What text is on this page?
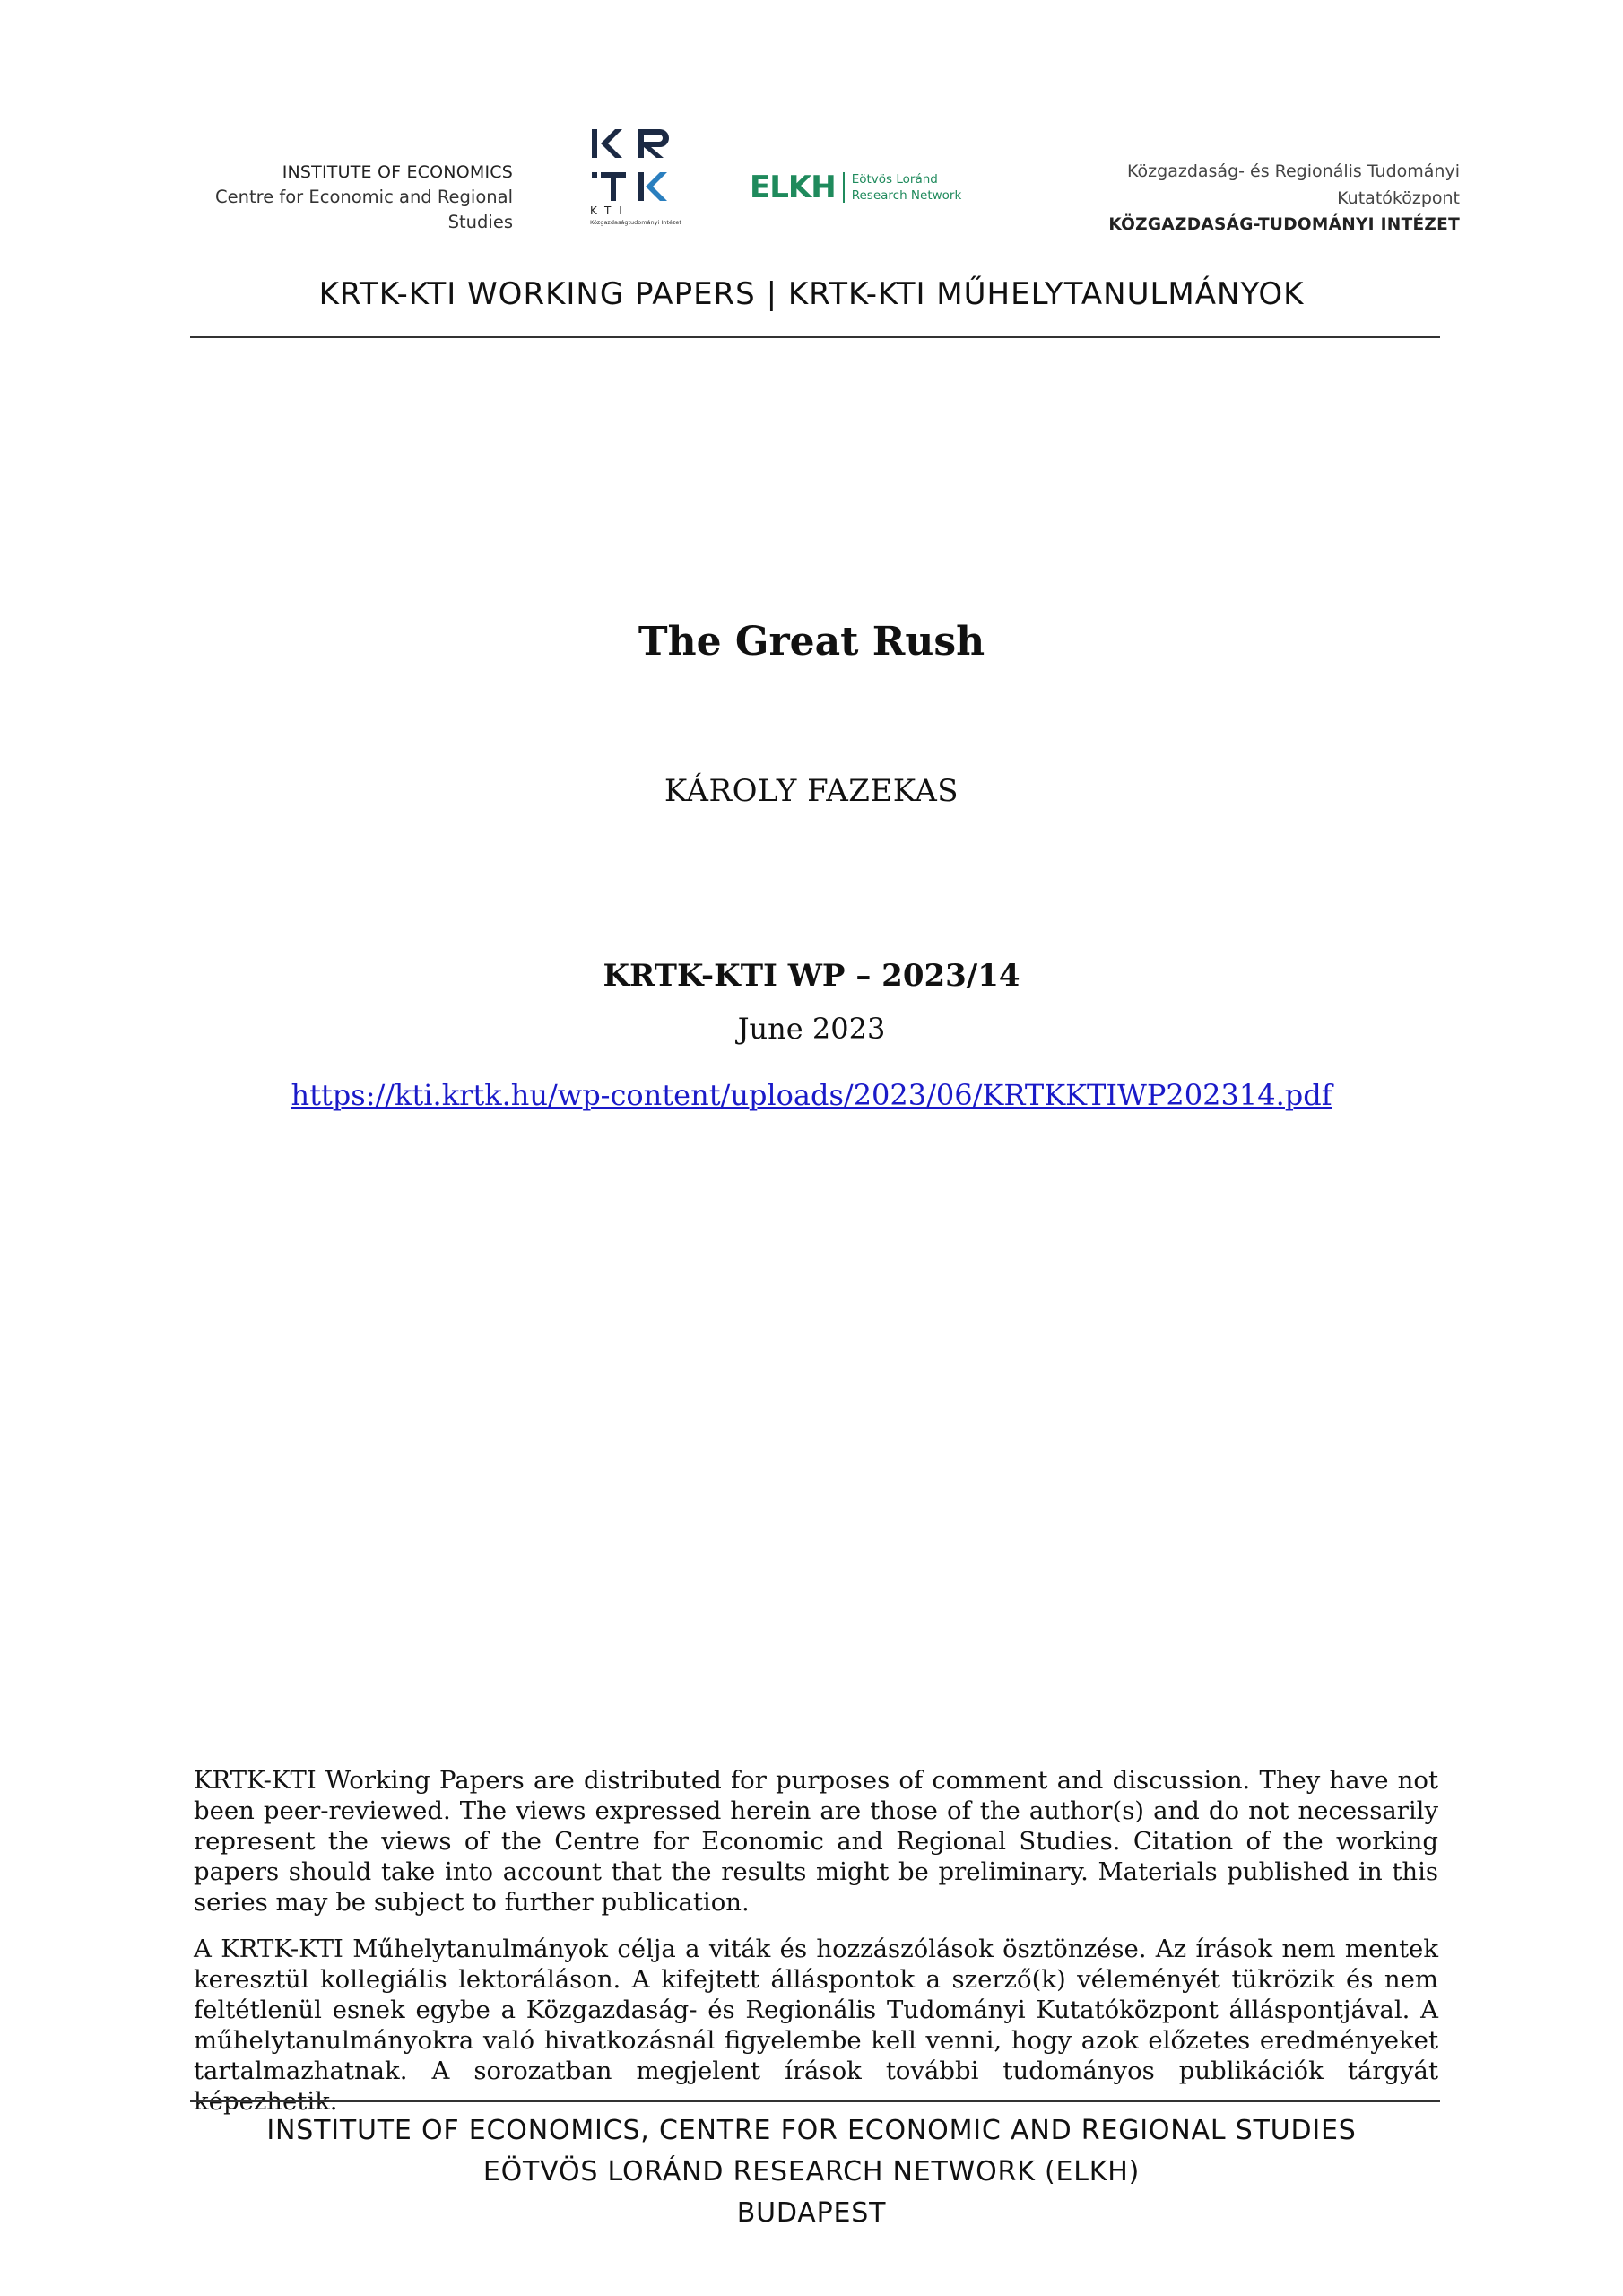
INSTITUTE OF ECONOMICS
Centre for Economic and Regional Studies
KTI
Közgazdaságtudományi Intézet
ELKH Eötvös Loránd
Research Network
Közgazdaság- és Regionális Tudományi Kutatóközpont
KÖZGAZDASÁG-TUDOMÁNYI INTÉZET
KRTK-KTI WORKING PAPERS | KRTK-KTI MŰHELYTANULMÁNYOK
The Great Rush
KÁROLY FAZEKAS
KRTK-KTI WP – 2023/14
June 2023
https://kti.krtk.hu/wp-content/uploads/2023/06/KRTKKTIWP202314.pdf
KRTK-KTI Working Papers are distributed for purposes of comment and discussion. They have not been peer-reviewed. The views expressed herein are those of the author(s) and do not necessarily represent the views of the Centre for Economic and Regional Studies. Citation of the working papers should take into account that the results might be preliminary. Materials published in this series may be subject to further publication.
A KRTK-KTI Műhelytanulmányok célja a viták és hozzászólások ösztönzése. Az írások nem mentek keresztül kollegiális lektoráláson. A kifejtett álláspontok a szerző(k) véleményét tükrözik és nem feltétlenül esnek egybe a Közgazdaság- és Regionális Tudományi Kutatóközpont álláspontjával. A műhelytanulmányokra való hivatkozásnál figyelembe kell venni, hogy azok előzetes eredményeket tartalmazhatnak. A sorozatban megjelent írások további tudományos publikációk tárgyát képezhetik.
INSTITUTE OF ECONOMICS, CENTRE FOR ECONOMIC AND REGIONAL STUDIES
EÖTVÖS LORÁND RESEARCH NETWORK (ELKH)
BUDAPEST
